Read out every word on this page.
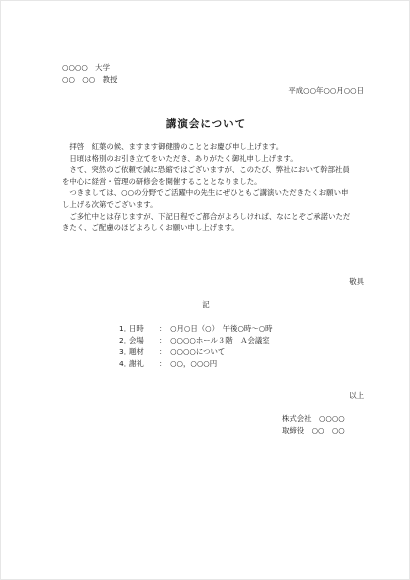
○○○○　大学
○○　○○　教授
平成○○年○○月○○日
講演会について
　拝啓　紅葉の候、ますます御健勝のこととお慶び申し上げます。
　日頃は格別のお引き立てをいただき、ありがたく御礼申し上げます。
　さて、突然のご依頼で誠に恐縮ではございますが、このたび、弊社において幹部社員
を中心に経営・管理の研修会を開催することとなりました。
　つきましては、○○の分野でご活躍中の先生にぜひともご講演いただきたくお願い申
し上げる次第でございます。
　ご多忙中とは存じますが、下記日程でご都合がよろしければ、なにとぞご承諾いただ
きたく、ご配慮のほどよろしくお願い申し上げます。
敬具
記
1．日時 ：　○月○日（○）　午後○時〜○時
2．会場 ：　○○○○ホール３階　Ａ会議室
3．題材 ：　○○○○について
4．謝礼 ：　○○，○○○円
以上
株式会社　○○○○
取締役　○○　○○
